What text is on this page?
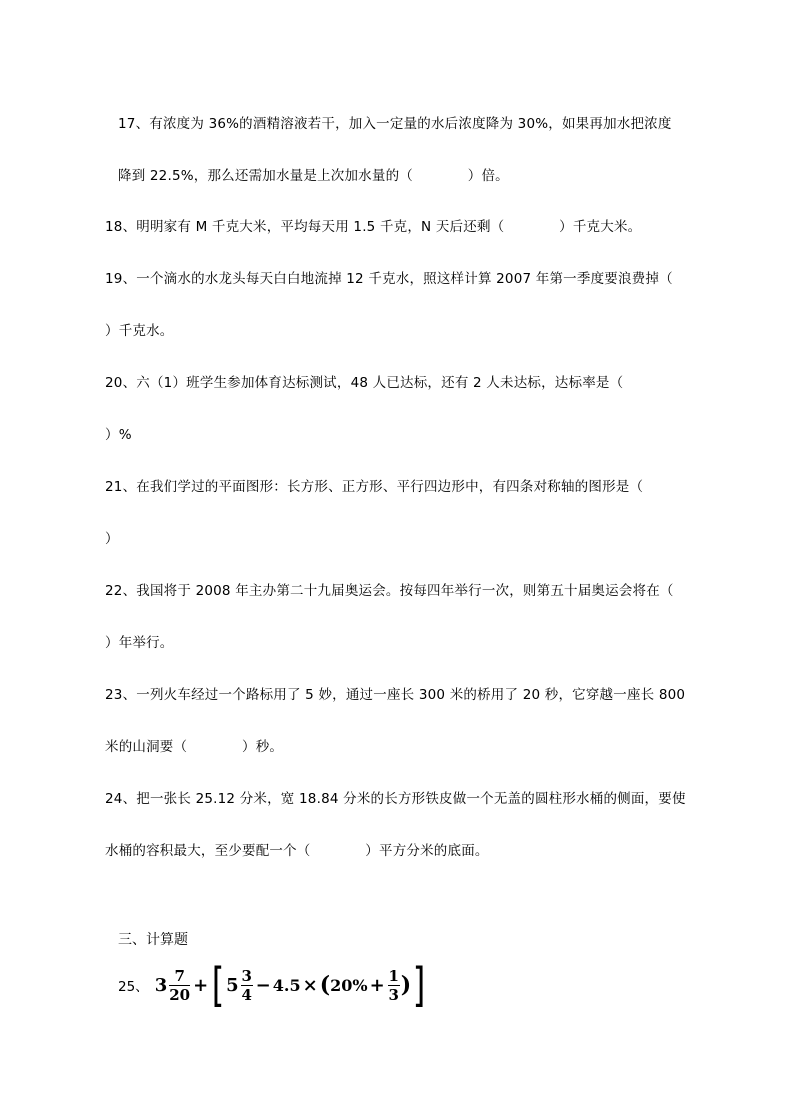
17、有浓度为 36%的酒精溶液若干，加入一定量的水后浓度降为 30%，如果再加水把浓度
降到 22.5%，那么还需加水量是上次加水量的（　　　　）倍。
18、明明家有 M 千克大米，平均每天用 1.5 千克，N 天后还剩（　　　　）千克大米。
19、一个滴水的水龙头每天白白地流掉 12 千克水，照这样计算 2007 年第一季度要浪费掉（
）千克水。
20、六（1）班学生参加体育达标测试，48 人已达标，还有 2 人未达标，达标率是（
）%
21、在我们学过的平面图形：长方形、正方形、平行四边形中，有四条对称轴的图形是（
）
22、我国将于 2008 年主办第二十九届奥运会。按每四年举行一次，则第五十届奥运会将在（
）年举行。
23、一列火车经过一个路标用了 5 妙，通过一座长 300 米的桥用了 20 秒，它穿越一座长 800
米的山洞要（　　　　）秒。
24、把一张长 25.12 分米，宽 18.84 分米的长方形铁皮做一个无盖的圆柱形水桶的侧面，要使
水桶的容积最大，至少要配一个（　　　　）平方分米的底面。
三、计算题
25、 $3 \frac{7}{20}$ + [ $5 \frac{3}{4} - 4.5$ × ( $20\% + \frac{1}{3}$ ) ]
